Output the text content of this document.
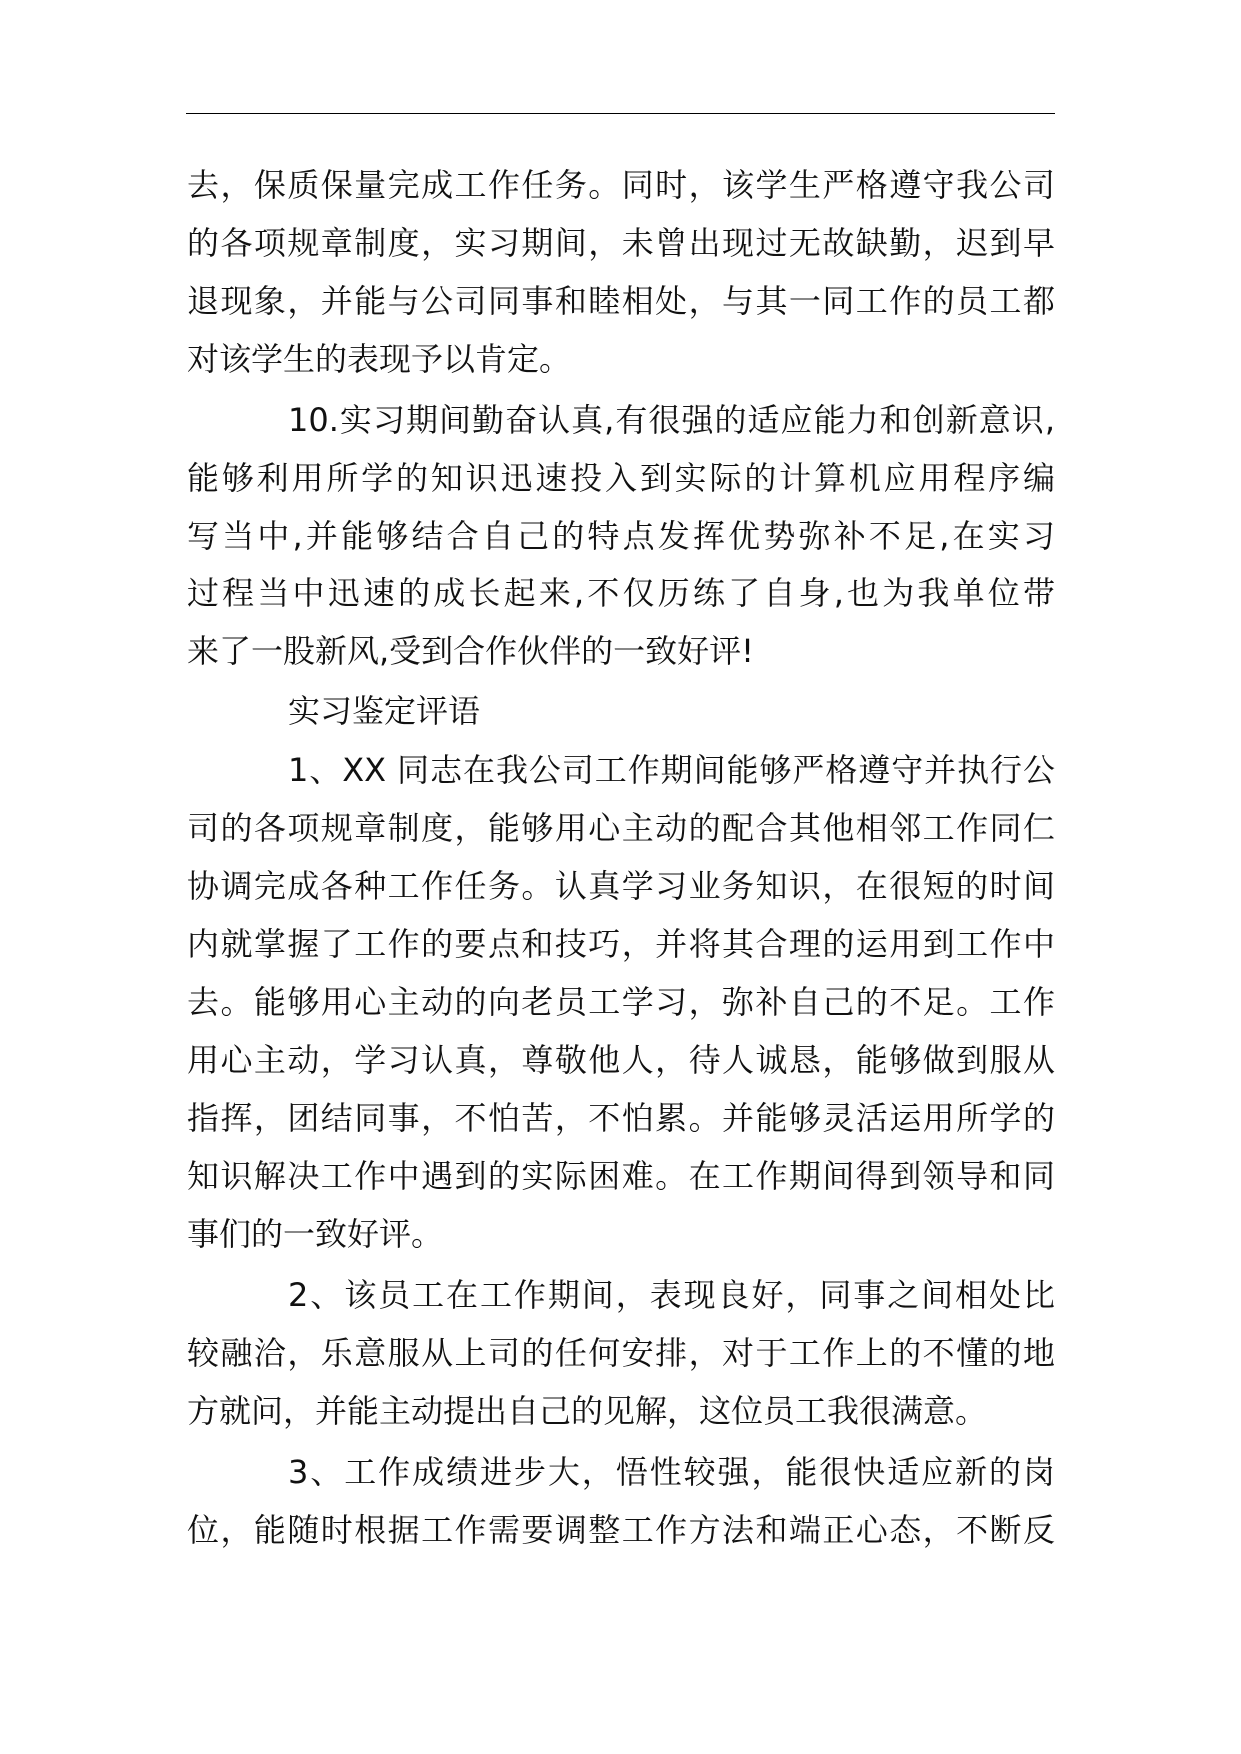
去，保质保量完成工作任务。同时，该学生严格遵守我公司
的各项规章制度，实习期间，未曾出现过无故缺勤，迟到早
退现象，并能与公司同事和睦相处，与其一同工作的员工都
对该学生的表现予以肯定。
10.实习期间勤奋认真,有很强的适应能力和创新意识,
能够利用所学的知识迅速投入到实际的计算机应用程序编
写当中,并能够结合自己的特点发挥优势弥补不足,在实习
过程当中迅速的成长起来,不仅历练了自身,也为我单位带
来了一股新风,受到合作伙伴的一致好评!
实习鉴定评语
1、XX 同志在我公司工作期间能够严格遵守并执行公
司的各项规章制度，能够用心主动的配合其他相邻工作同仁
协调完成各种工作任务。认真学习业务知识，在很短的时间
内就掌握了工作的要点和技巧，并将其合理的运用到工作中
去。能够用心主动的向老员工学习，弥补自己的不足。工作
用心主动，学习认真，尊敬他人，待人诚恳，能够做到服从
指挥，团结同事，不怕苦，不怕累。并能够灵活运用所学的
知识解决工作中遇到的实际困难。在工作期间得到领导和同
事们的一致好评。
2、该员工在工作期间，表现良好，同事之间相处比
较融洽，乐意服从上司的任何安排，对于工作上的不懂的地
方就问，并能主动提出自己的见解，这位员工我很满意。
3、工作成绩进步大，悟性较强，能很快适应新的岗
位，能随时根据工作需要调整工作方法和端正心态，不断反
